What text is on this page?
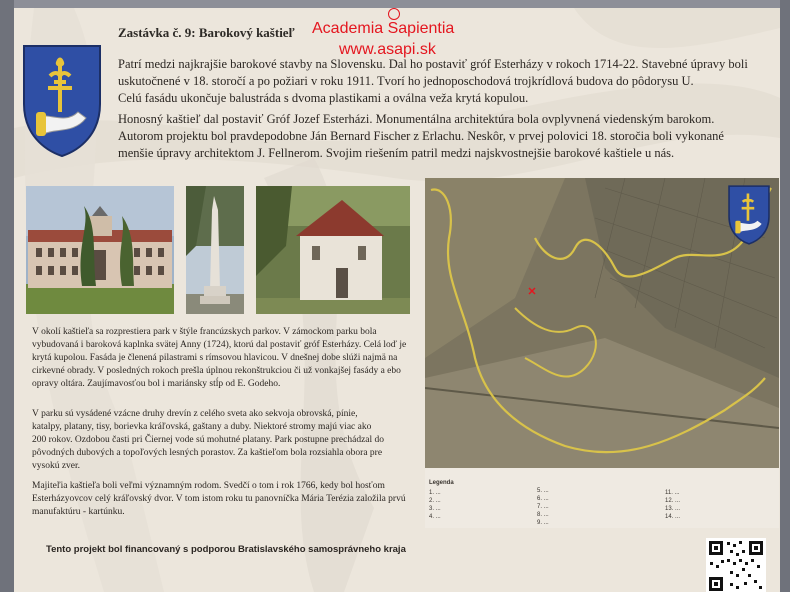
Zastávka č. 9: Barokový kaštieľ Academia Sapientia
www.asapi.sk
Patrí medzi najkrajšie barokové stavby na Slovensku. Dal ho postaviť gróf Esterházy v rokoch 1714-22. Stavebné úpravy boli
uskutočnené v 18. storočí a po požiari v roku 1911. Tvorí ho jednoposchodová trojkrídlová budova do pôdorysu U.
Celú fasádu ukončuje balustráda s dvoma plastikami a oválna veža krytá kopulou.
Honosný kaštieľ dal postaviť Gróf Jozef Esterházi. Monumentálna architektúra bola ovplyvnená viedenským barokom.
Autorom projektu bol pravdepodobne Ján Bernard Fischer z Erlachu. Neskôr, v prvej polovici 18. storočia boli vykonané
menšie úpravy architektom J. Fellnerom. Svojim riešením patril medzi najskvostnejšie barokové kaštiele u nás.
V okolí kaštieľa sa rozprestiera park v štýle francúzskych parkov. V zámockom parku bola
vybudovaná i baroková kaplnka svätej Anny (1724), ktorú dal postaviť gróf Esterházy. Celá loď je
krytá kupolou. Fasáda je členená pilastrami s rímsovou hlavicou. V dnešnej dobe slúži najmä na
cirkevné obrady. V posledných rokoch prešla úplnou rekonštrukciou či už vonkajšej fasády a ebo
opravy oltára. Zaujímavosťou bol i mariánsky stĺp od E. Godeho.
V parku sú vysádené vzácne druhy drevín z celého sveta ako sekvoja obrovská, pínie,
katalpy, platany, tisy, borievka kráľovská, gaštany a duby. Niektoré stromy majú viac ako
200 rokov. Ozdobou časti pri Čiernej vode sú mohutné platany. Park postupne prechádzal do
pôvodných dubových a topoľových lesných porastov. Za kaštieľom bola rozsiahla obora pre
vysokú zver.
Majiteľia kaštieľa boli veľmi významným rodom. Svedčí o tom i rok 1766, kedy bol hosťom
Esterházyovcov celý kráľovský dvor. V tom istom roku tu panovníčka Mária Terézia založila prvú
manufaktúru - kartúnku.
Legenda
1. ...
2. ...
3. ...
4. ...
5. ...
6. ...
7. ...
8. ...
9. ...
11. ...
12. ...
13. ...
14. ...
Tento projekt bol financovaný s podporou Bratislavského samosprávneho kraja
